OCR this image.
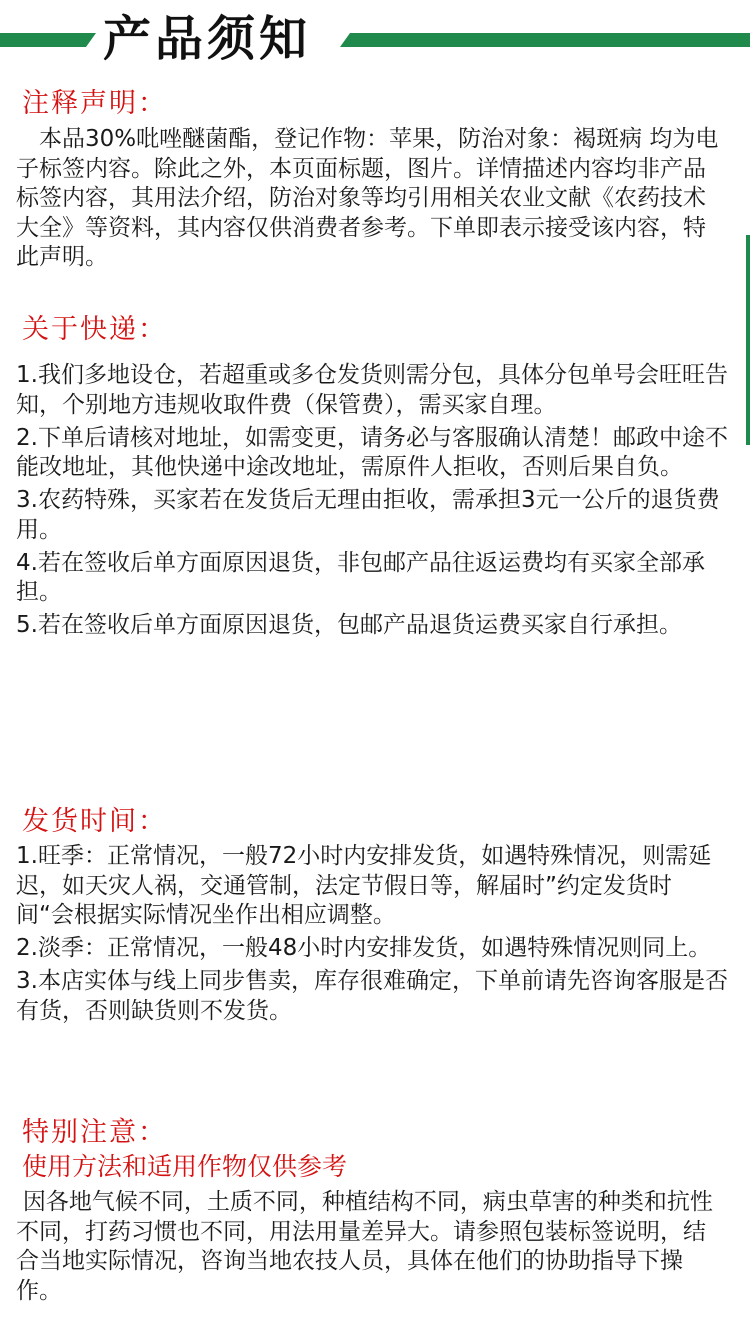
产品须知
注释声明：

本品30%吡唑醚菌酯，登记作物：苹果，防治对象：褐斑病 均为电子标签内容。除此之外，本页面标题，图片。详情描述内容均非产品标签内容，其用法介绍，防治对象等均引用相关农业文献《农药技术大全》等资料，其内容仅供消费者参考。下单即表示接受该内容，特此声明。

关于快递：

1.我们多地设仓，若超重或多仓发货则需分包，具体分包单号会旺旺告知，个别地方违规收取件费（保管费），需买家自理。

2.下单后请核对地址，如需变更，请务必与客服确认清楚！邮政中途不能改地址，其他快递中途改地址，需原件人拒收，否则后果自负。

3.农药特殊，买家若在发货后无理由拒收，需承担3元一公斤的退货费用。

4.若在签收后单方面原因退货，非包邮产品往返运费均有买家全部承担。

5.若在签收后单方面原因退货，包邮产品退货运费买家自行承担。

发货时间：

1.旺季：正常情况，一般72小时内安排发货，如遇特殊情况，则需延迟，如天灾人祸，交通管制，法定节假日等，解届时”约定发货时间“会根据实际情况坐作出相应调整。

2.淡季：正常情况，一般48小时内安排发货，如遇特殊情况则同上。

3.本店实体与线上同步售卖，库存很难确定，下单前请先咨询客服是否有货，否则缺货则不发货。

特别注意：
使用方法和适用作物仅供参考

因各地气候不同，土质不同，种植结构不同，病虫草害的种类和抗性不同，打药习惯也不同，用法用量差异大。请参照包装标签说明，结合当地实际情况，咨询当地农技人员，具体在他们的协助指导下操作。
